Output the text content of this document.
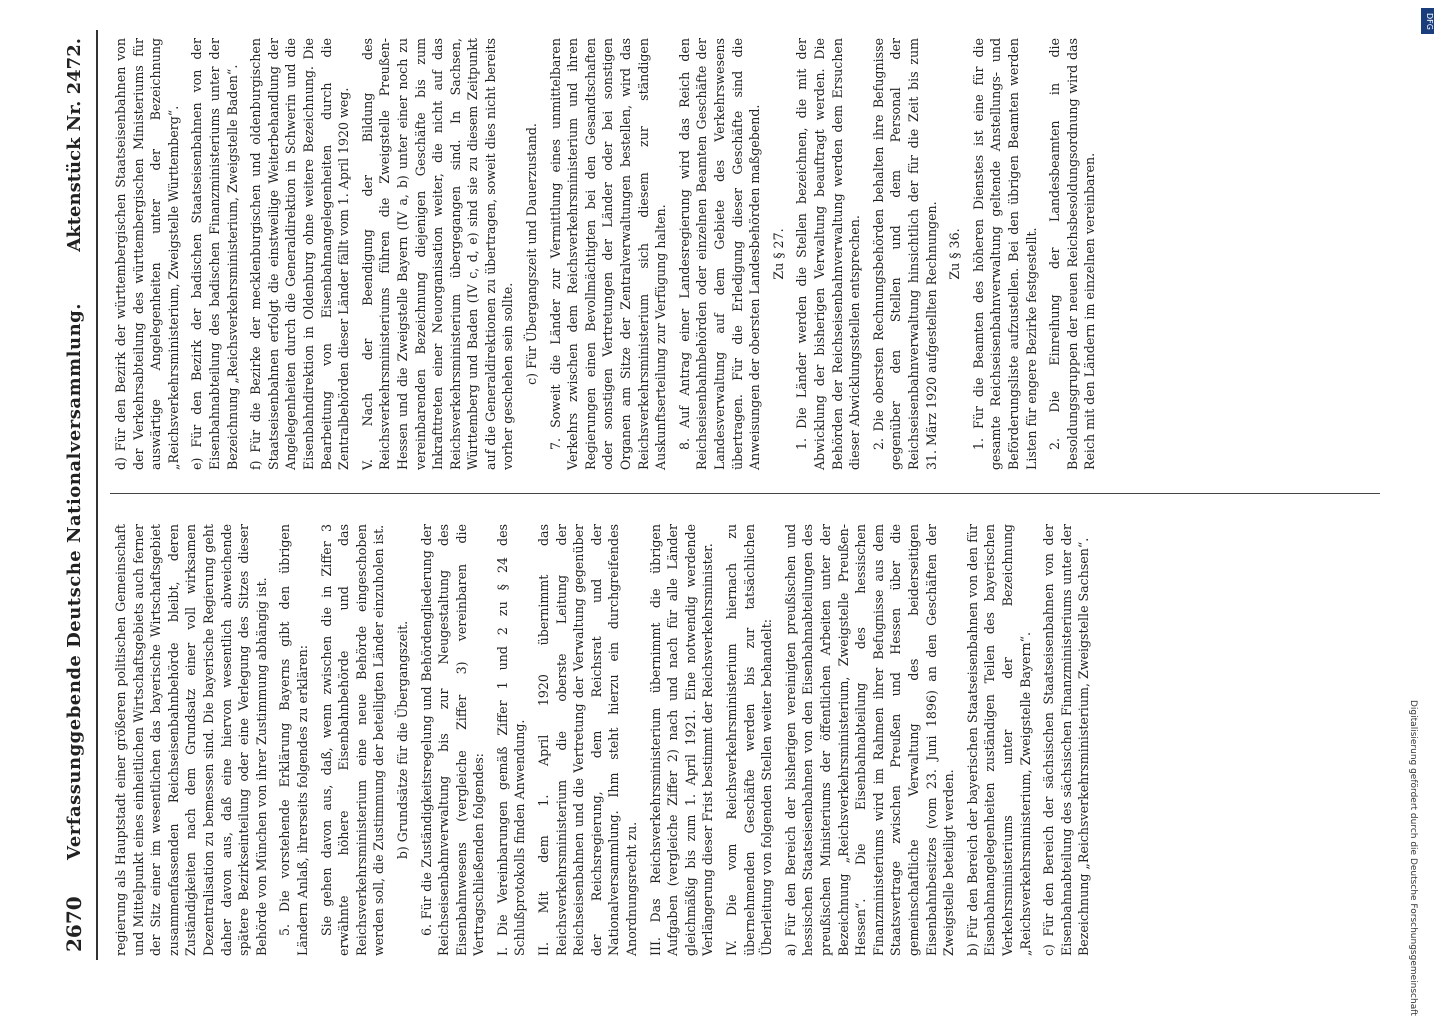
2670
Verfassunggebende Deutsche Nationalversammlung.
Aktenstück Nr. 2472.

regierung als Hauptstadt einer größeren politischen Gemeinschaft und Mittelpunkt eines einheitlichen Wirtschaftsgebiets auch ferner der Sitz einer im wesentlichen das bayerische Wirtschaftsgebiet zusammenfassenden Reichseisenbahnbehörde bleibt, deren Zuständigkeiten nach dem Grundsatz einer voll wirksamen Dezentralisation zu bemessen sind. Die bayerische Regierung geht daher davon aus, daß eine hiervon wesentlich abweichende spätere Bezirkseinteilung oder eine Verlegung des Sitzes dieser Behörde von München von ihrer Zustimmung abhängig ist. 5. Die vorstehende Erklärung Bayerns gibt den übrigen Ländern Anlaß, ihrerseits folgendes zu erklären: Sie gehen davon aus, daß, wenn zwischen die in Ziffer 3 erwähnte höhere Eisenbahnbehörde und das Reichsverkehrsministerium eine neue Behörde eingeschoben werden soll, die Zustimmung der beteiligten Länder einzuholen ist. b) Grundsätze für die Übergangszeit. 6. Für die Zuständigkeitsregelung und Behördengliederung der Reichseisenbahnverwaltung bis zur Neugestaltung des Eisenbahnwesens (vergleiche Ziffer 3) vereinbaren die Vertragschließenden folgendes: I. Die Vereinbarungen gemäß Ziffer 1 und 2 zu § 24 des Schlußprotokolls finden Anwendung. II. Mit dem 1. April 1920 übernimmt das Reichsverkehrsministerium die oberste Leitung der Reichseisenbahnen und die Vertretung der Verwaltung gegenüber der Reichsregierung, dem Reichsrat und der Nationalversammlung. Ihm steht hierzu ein durchgreifendes Anordnungsrecht zu. III. Das Reichsverkehrsministerium übernimmt die übrigen Aufgaben (vergleiche Ziffer 2) nach und nach für alle Länder gleichmäßig bis zum 1. April 1921. Eine notwendig werdende Verlängerung dieser Frist bestimmt der Reichsverkehrsminister. IV. Die vom Reichsverkehrsministerium hiernach zu übernehmenden Geschäfte werden bis zur tatsächlichen Überleitung von folgenden Stellen weiter behandelt: a) Für den Bereich der bisherigen vereinigten preußischen und hessischen Staatseisenbahnen von den Eisenbahnabteilungen des preußischen Ministeriums der öffentlichen Arbeiten unter der Bezeichnung „Reichsverkehrsministerium, Zweigstelle Preußen-Hessen“. Die Eisenbahnabteilung des hessischen Finanzministeriums wird im Rahmen ihrer Befugnisse aus dem Staatsvertrage zwischen Preußen und Hessen über die gemeinschaftliche Verwaltung des beiderseitigen Eisenbahnbesitzes (vom 23. Juni 1896) an den Geschäften der Zweigstelle beteiligt werden. b) Für den Bereich der bayerischen Staatseisenbahnen von den für Eisenbahnangelegenheiten zuständigen Teilen des bayerischen Verkehrsministeriums unter der Bezeichnung „Reichsverkehrsministerium, Zweigstelle Bayern“. c) Für den Bereich der sächsischen Staatseisenbahnen von der Eisenbahnabteilung des sächsischen Finanzministeriums unter der Bezeichnung „Reichsverkehrsministerium, Zweigstelle Sachsen“.

d) Für den Bezirk der württembergischen Staatseisenbahnen von der Verkehrsabteilung des württembergischen Ministeriums für auswärtige Angelegenheiten unter der Bezeichnung „Reichsverkehrsministerium, Zweigstelle Württemberg“. e) Für den Bezirk der badischen Staatseisenbahnen von der Eisenbahnabteilung des badischen Finanzministeriums unter der Bezeichnung „Reichsverkehrsministerium, Zweigstelle Baden“. f) Für die Bezirke der mecklenburgischen und oldenburgischen Staatseisenbahnen erfolgt die einstweilige Weiterbehandlung der Angelegenheiten durch die Generaldirektion in Schwerin und die Eisenbahndirektion in Oldenburg ohne weitere Bezeichnung. Die Bearbeitung von Eisenbahnangelegenheiten durch die Zentralbehörden dieser Länder fällt vom 1. April 1920 weg. V. Nach der Beendigung der Bildung des Reichsverkehrsministeriums führen die Zweigstelle Preußen-Hessen und die Zweigstelle Bayern (IV a, b) unter einer noch zu vereinbarenden Bezeichnung diejenigen Geschäfte bis zum Inkrafttreten einer Neuorganisation weiter, die nicht auf das Reichsverkehrsministerium übergegangen sind. In Sachsen, Württemberg und Baden (IV c, d, e) sind sie zu diesem Zeitpunkt auf die Generaldirektionen zu übertragen, soweit dies nicht bereits vorher geschehen sein sollte. c) Für Übergangszeit und Dauerzustand. 7. Soweit die Länder zur Vermittlung eines unmittelbaren Verkehrs zwischen dem Reichsverkehrsministerium und ihren Regierungen einen Bevollmächtigten bei den Gesandtschaften oder sonstigen Vertretungen der Länder oder bei sonstigen Organen am Sitze der Zentralverwaltungen bestellen, wird das Reichsverkehrsministerium sich diesem zur ständigen Auskunftserteilung zur Verfügung halten. 8. Auf Antrag einer Landesregierung wird das Reich den Reichseisenbahnbehörden oder einzelnen Beamten Geschäfte der Landesverwaltung auf dem Gebiete des Verkehrswesens übertragen. Für die Erledigung dieser Geschäfte sind die Anweisungen der obersten Landesbehörden maßgebend. Zu § 27. 1. Die Länder werden die Stellen bezeichnen, die mit der Abwicklung der bisherigen Verwaltung beauftragt werden. Die Behörden der Reichseisenbahnverwaltung werden dem Ersuchen dieser Abwicklungsstellen entsprechen. 2. Die obersten Rechnungsbehörden behalten ihre Befugnisse gegenüber den Stellen und dem Personal der Reichseisenbahnverwaltung hinsichtlich der für die Zeit bis zum 31. März 1920 aufgestellten Rechnungen. Zu § 36. 1. Für die Beamten des höheren Dienstes ist eine für die gesamte Reichseisenbahnverwaltung geltende Anstellungs- und Beförderungsliste aufzustellen. Bei den übrigen Beamten werden Listen für engere Bezirke festgestellt. 2. Die Einreihung der Landesbeamten in die Besoldungsgruppen der neuen Reichsbesoldungsordnung wird das Reich mit den Ländern im einzelnen vereinbaren.

DFG
Digitalisierung gefördert durch die Deutsche Forschungsgemeinschaft
